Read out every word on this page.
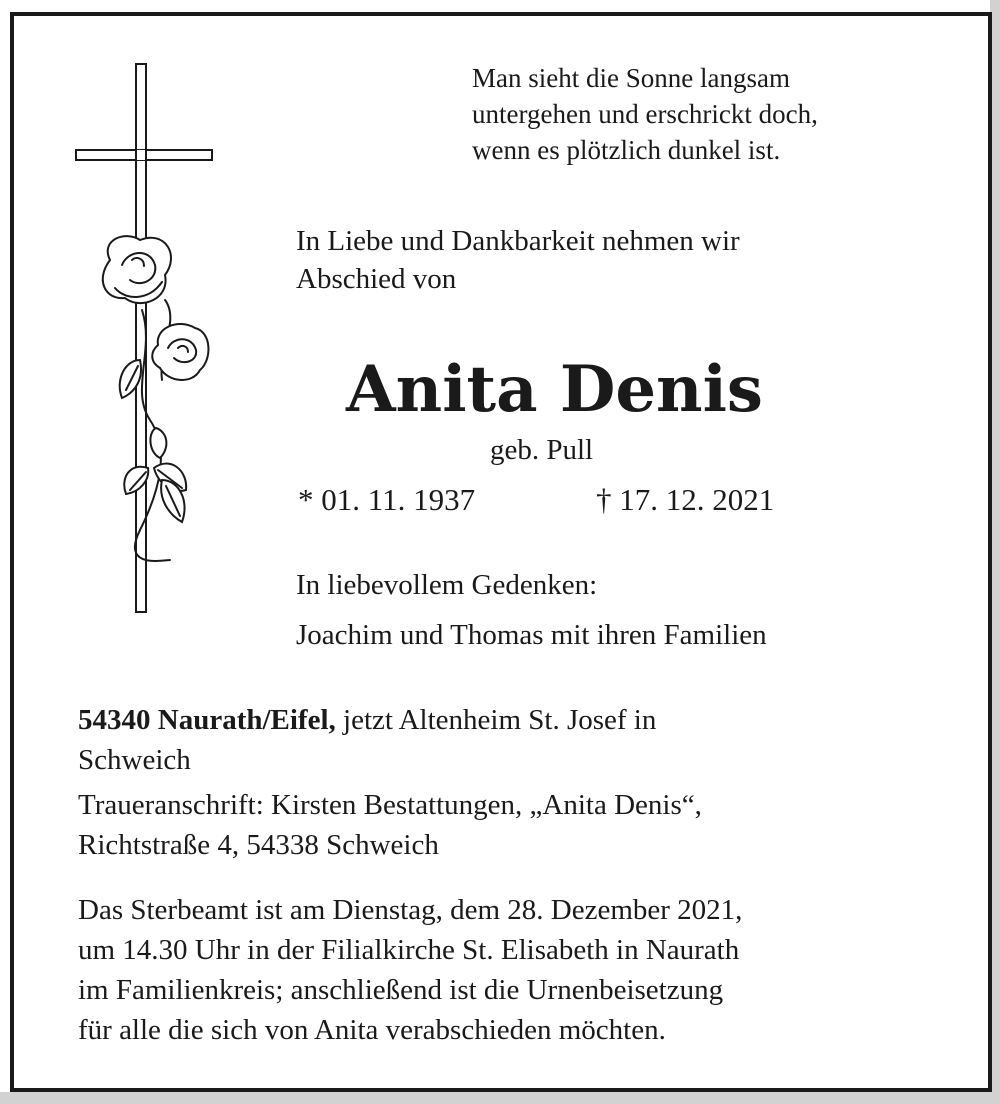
Man sieht die Sonne langsam
untergehen und erschrickt doch,
wenn es plötzlich dunkel ist.
In Liebe und Dankbarkeit nehmen wir
Abschied von
Anita Denis
geb. Pull
* 01. 11. 1937	† 17. 12. 2021
In liebevollem Gedenken:
Joachim und Thomas mit ihren Familien
54340 Naurath/Eifel, jetzt Altenheim St. Josef in
Schweich
Traueranschrift: Kirsten Bestattungen, „Anita Denis“,
Richtstraße 4, 54338 Schweich
Das Sterbeamt ist am Dienstag, dem 28. Dezember 2021,
um 14.30 Uhr in der Filialkirche St. Elisabeth in Naurath
im Familienkreis; anschließend ist die Urnenbeisetzung
für alle die sich von Anita verabschieden möchten.
